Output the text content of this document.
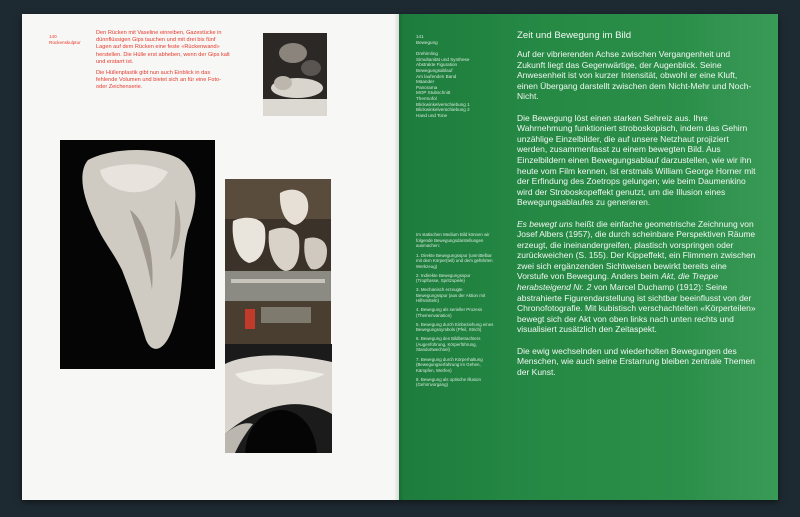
140
Rückenskulptur

Den Rücken mit Vaseline einreiben, Gazestücke in dünnflüssigen Gips tauchen und mit drei bis fünf Lagen auf dem Rücken eine feste «Rückenwand» herstellen. Die Hülle erst abheben, wenn der Gips kalt und erstarrt ist.

Die Hüllenplastik gibt nun auch Einblick in das fehlende Volumen und bietet sich an für eine Foto- oder Zeichenserie.

141
Bewegung
Drehimling
Simultanität und Synthese
Abstrakte Figuration
Bewegungsablauf
Am laufenden Band
Mäander
Panorama
MOP Stubschnitt
Thermofol
Blickwinkelverschiebung 1
Blickwinkelverschiebung 2
Hand und Tone
Im statischen Medium Bild können wir folgende Bewegungsdarstellungen ausmachen:
1. Direkte Bewegungsspur (unmittelbar mit dem Körper(teil) und dem geführten Werkzeug)
2. Indirekte Bewegungsspur (Tropfrasse, Spritzspiele)
3. Mechanisch erzeugte Bewegungsspur (aus der Aktion mit Hilfsmitteln)
4. Bewegung als serieller Prozess (Themenvariation)
5. Bewegung durch Einbeziehung eines Bewegungssymbols (Pfeil, Strich)
6. Bewegung des Bildbetrachters (Augenführung, Körperführung, Standortwechsel)
7. Bewegung durch Körperhaltung (Bewegungserfahrung im Gehen, Kämpfen, Werfen)
8. Bewegung als optische Illusion (Gehirnvorgang)
Zeit und Bewegung im Bild

Auf der vibrierenden Achse zwischen Vergangenheit und Zukunft liegt das Gegenwärtige, der Augenblick. Seine Anwesenheit ist von kurzer Intensität, obwohl er eine Kluft, einen Übergang darstellt zwischen dem Nicht-Mehr und Noch-Nicht.

Die Bewegung löst einen starken Sehreiz aus. Ihre Wahrnehmung funktioniert stroboskopisch, indem das Gehirn unzählige Einzelbilder, die auf unsere Netzhaut projiziert werden, zusammenfasst zu einem bewegten Bild. Aus Einzelbildern einen Bewegungsablauf darzustellen, wie wir ihn heute vom Film kennen, ist erstmals William George Horner mit der Erfindung des Zoetrops gelungen; wie beim Daumenkino wird der Stroboskopeffekt genutzt, um die Illusion eines Bewegungsablaufes zu generieren.

Es bewegt uns heißt die einfache geometrische Zeichnung von Josef Albers (1957), die durch scheinbare Perspektiven Räume erzeugt, die ineinandergreifen, plastisch vorspringen oder zurückweichen (S. 155). Der Kippeffekt, ein Flimmern zwischen zwei sich ergänzenden Sichtweisen bewirkt bereits eine Vorstufe von Bewegung. Anders beim Akt, die Treppe herabsteigend Nr. 2 von Marcel Duchamp (1912): Seine abstrahierte Figurendarstellung ist sichtbar beeinflusst von der Chronofotografie. Mit kubistisch verschachtelten «Körperteilen» bewegt sich der Akt von oben links nach unten rechts und visualisiert zusätzlich den Zeitaspekt.

Die ewig wechselnden und wiederholten Bewegungen des Menschen, wie auch seine Erstarrung bleiben zentrale Themen der Kunst.
